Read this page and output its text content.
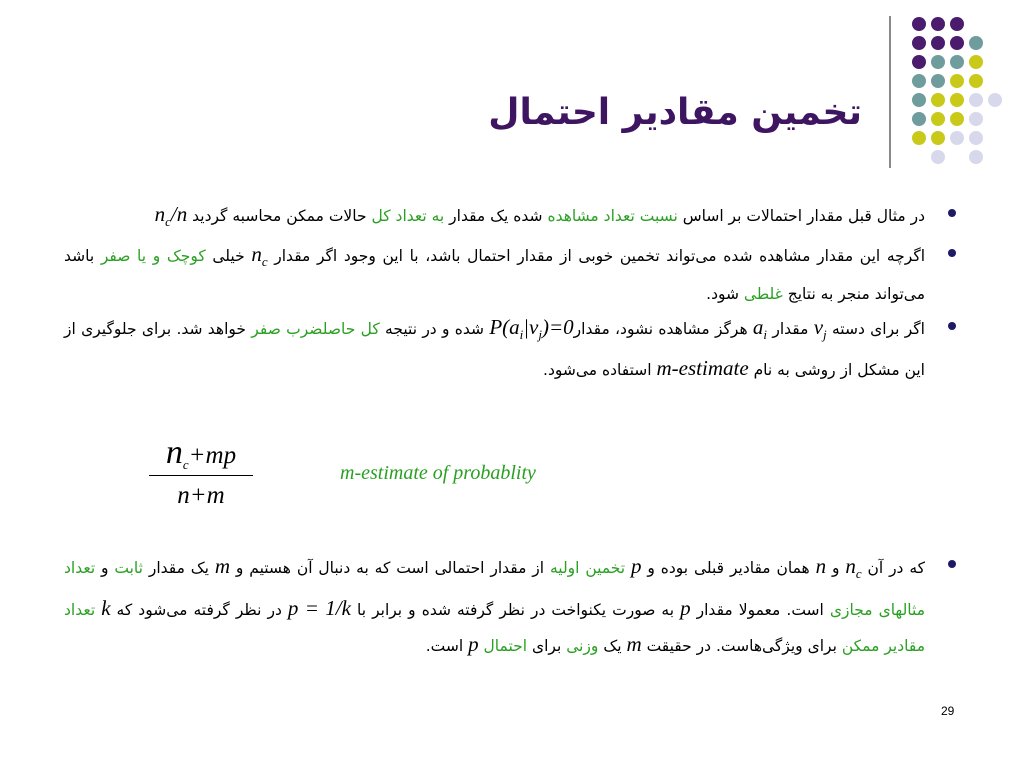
تخمین مقادیر احتمال
در مثال قبل مقدار احتمالات بر اساس نسبت تعداد مشاهده شده یک مقدار به تعداد کل حالات ممکن محاسبه گردید $n_c/n$
اگرچه این مقدار مشاهده شده می‌تواند تخمین خوبی از مقدار احتمال باشد، با این وجود اگر مقدار $n_c$ خیلی کوچک و یا صفر باشد می‌تواند منجر به نتایج غلطی شود.
اگر برای دسته $v_j$ مقدار $a_i$ هرگز مشاهده نشود، $مقدارP(a_i|v_j)=0$ شده و در نتیجه کل حاصلضرب صفر خواهد شد. برای جلوگیری از این مشکل از روشی به نام m-estimate استفاده می‌شود.
$n_c+mp$
n+m

m-estimate of probablity

که در آن $n_c$ و n همان مقادیر قبلی بوده و p تخمین اولیه از مقدار احتمالی است که به دنبال آن هستیم و m یک مقدار ثابت و تعداد مثالهای مجازی است. معمولا مقدار p به صورت یکنواخت در نظر گرفته شده و برابر با p = 1/k در نظر گرفته می‌شود که k تعداد مقادیر ممکن برای ویژگی‌هاست. در حقیقت m یک وزنی برای احتمال p است.
29
